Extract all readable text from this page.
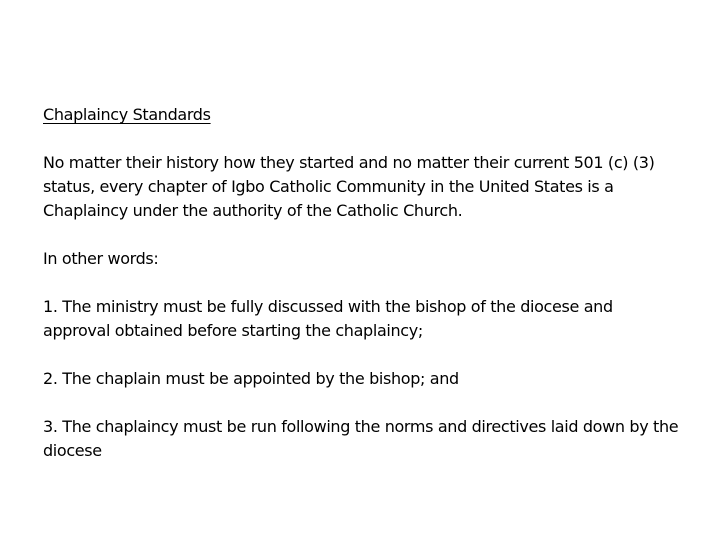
Chaplaincy Standards

No matter their history how they started and no matter their current 501 (c) (3) status, every chapter of Igbo Catholic Community in the United States is a Chaplaincy under the authority of the Catholic Church.

In other words:

1. The ministry must be fully discussed with the bishop of the diocese and approval obtained before starting the chaplaincy;

2. The chaplain must be appointed by the bishop; and

3. The chaplaincy must be run following the norms and directives laid down by the diocese
